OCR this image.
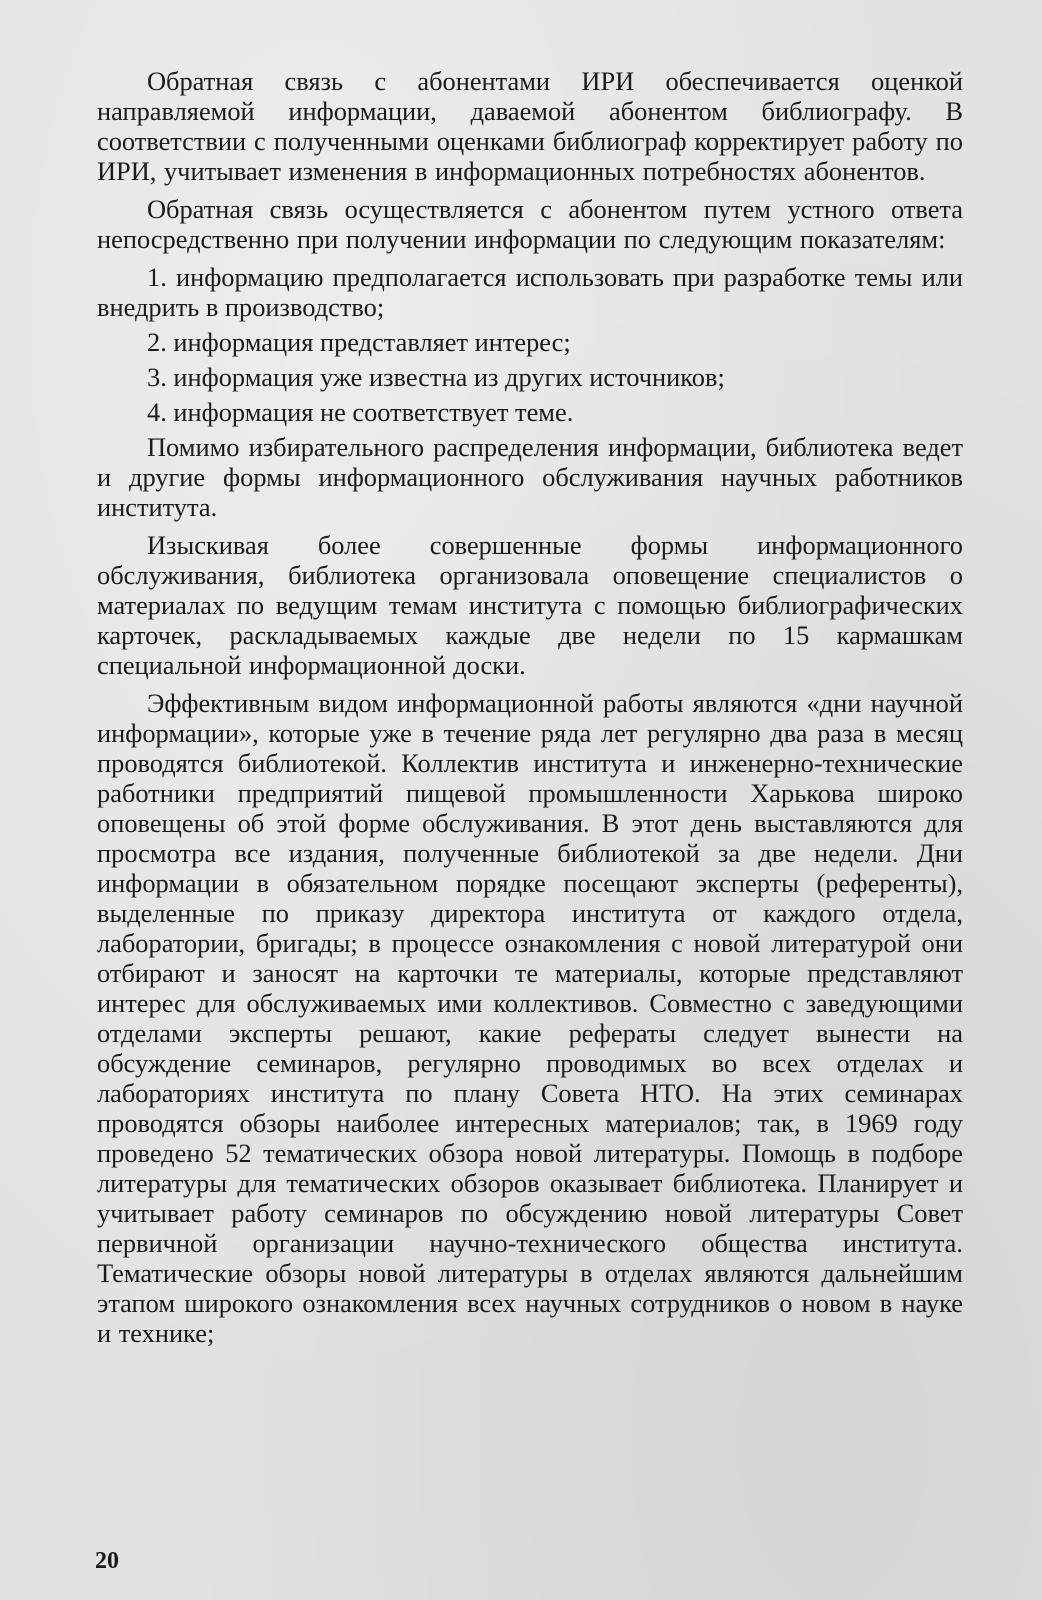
Обратная связь с абонентами ИРИ обеспечивается оценкой направляемой информации, даваемой абонентом библиографу. В соответствии с полученными оценками библиограф корректирует работу по ИРИ, учитывает изменения в информационных потребностях абонентов.

Обратная связь осуществляется с абонентом путем устного ответа непосредственно при получении информации по следующим показателям:

1. информацию предполагается использовать при разработке темы или внедрить в производство;

2. информация представляет интерес;

3. информация уже известна из других источников;

4. информация не соответствует теме.

Помимо избирательного распределения информации, библиотека ведет и другие формы информационного обслуживания научных работников института.

Изыскивая более совершенные формы информационного обслуживания, библиотека организовала оповещение специалистов о материалах по ведущим темам института с помощью библиографических карточек, раскладываемых каждые две недели по 15 кармашкам специальной информационной доски.

Эффективным видом информационной работы являются «дни научной информации», которые уже в течение ряда лет регулярно два раза в месяц проводятся библиотекой. Коллектив института и инженерно-технические работники предприятий пищевой промышленности Харькова широко оповещены об этой форме обслуживания. В этот день выставляются для просмотра все издания, полученные библиотекой за две недели. Дни информации в обязательном порядке посещают эксперты (референты), выделенные по приказу директора института от каждого отдела, лаборатории, бригады; в процессе ознакомления с новой литературой они отбирают и заносят на карточки те материалы, которые представляют интерес для обслуживаемых ими коллективов. Совместно с заведующими отделами эксперты решают, какие рефераты следует вынести на обсуждение семинаров, регулярно проводимых во всех отделах и лабораториях института по плану Совета НТО. На этих семинарах проводятся обзоры наиболее интересных материалов; так, в 1969 году проведено 52 тематических обзора новой литературы. Помощь в подборе литературы для тематических обзоров оказывает библиотека. Планирует и учитывает работу семинаров по обсуждению новой литературы Совет первичной организации научно-технического общества института. Тематические обзоры новой литературы в отделах являются дальнейшим этапом широкого ознакомления всех научных сотрудников о новом в науке и технике;

20
